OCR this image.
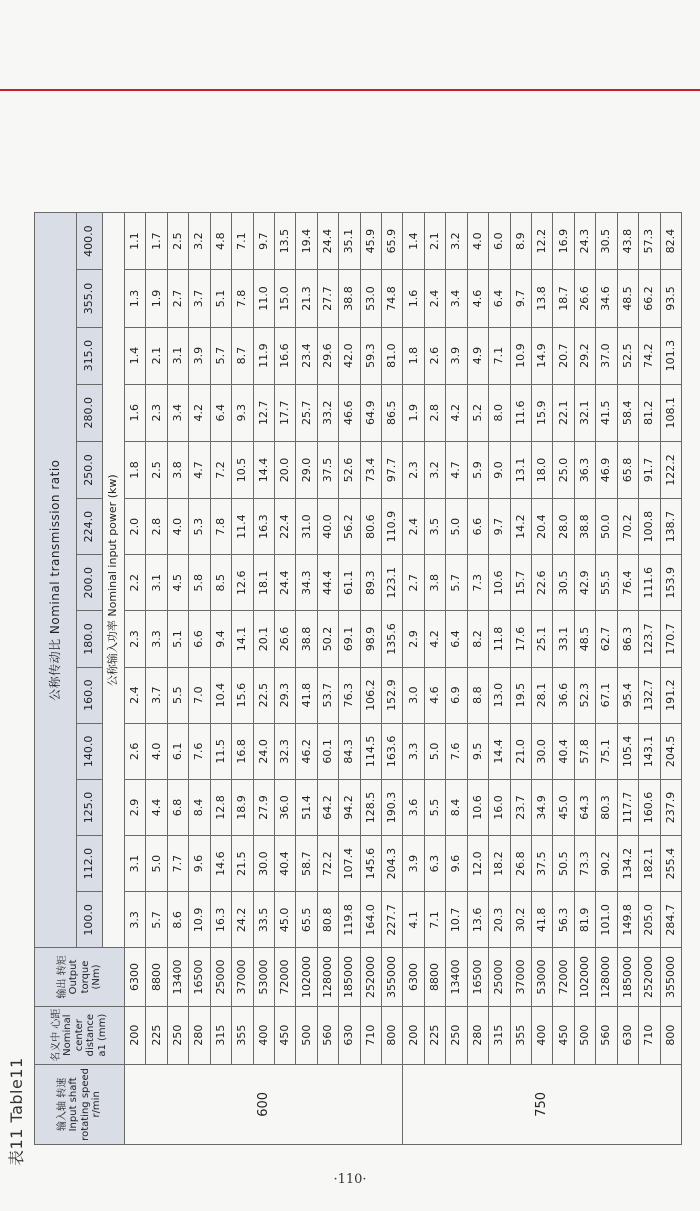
表11 Table11	输入轴 转速 Input shaft rotating speed r/min	名义中 心距 Nominal center distance a1 (mm)	输出 转矩 Output torque (Nm)	公称传动比 Nominal transmission ratio												
			100.0	112.0	125.0	140.0	160.0	180.0	200.0	224.0	250.0	280.0	315.0	355.0	400.0
			公称输入功率 Nominal input power (kw)												
600	200	6300	3.3	3.1	2.9	2.6	2.4	2.3	2.2	2.0	1.8	1.6	1.4	1.3	1.1
	225	8800	5.7	5.0	4.4	4.0	3.7	3.3	3.1	2.8	2.5	2.3	2.1	1.9	1.7
	250	13400	8.6	7.7	6.8	6.1	5.5	5.1	4.5	4.0	3.8	3.4	3.1	2.7	2.5
	280	16500	10.9	9.6	8.4	7.6	7.0	6.6	5.8	5.3	4.7	4.2	3.9	3.7	3.2
	315	25000	16.3	14.6	12.8	11.5	10.4	9.4	8.5	7.8	7.2	6.4	5.7	5.1	4.8
	355	37000	24.2	21.5	18.9	16.8	15.6	14.1	12.6	11.4	10.5	9.3	8.7	7.8	7.1
	400	53000	33.5	30.0	27.9	24.0	22.5	20.1	18.1	16.3	14.4	12.7	11.9	11.0	9.7
	450	72000	45.0	40.4	36.0	32.3	29.3	26.6	24.4	22.4	20.0	17.7	16.6	15.0	13.5
	500	102000	65.5	58.7	51.4	46.2	41.8	38.8	34.3	31.0	29.0	25.7	23.4	21.3	19.4
	560	128000	80.8	72.2	64.2	60.1	53.7	50.2	44.4	40.0	37.5	33.2	29.6	27.7	24.4
	630	185000	119.8	107.4	94.2	84.3	76.3	69.1	61.1	56.2	52.6	46.6	42.0	38.8	35.1
	710	252000	164.0	145.6	128.5	114.5	106.2	98.9	89.3	80.6	73.4	64.9	59.3	53.0	45.9
	800	355000	227.7	204.3	190.3	163.6	152.9	135.6	123.1	110.9	97.7	86.5	81.0	74.8	65.9
750	200	6300	4.1	3.9	3.6	3.3	3.0	2.9	2.7	2.4	2.3	1.9	1.8	1.6	1.4
	225	8800	7.1	6.3	5.5	5.0	4.6	4.2	3.8	3.5	3.2	2.8	2.6	2.4	2.1
	250	13400	10.7	9.6	8.4	7.6	6.9	6.4	5.7	5.0	4.7	4.2	3.9	3.4	3.2
	280	16500	13.6	12.0	10.6	9.5	8.8	8.2	7.3	6.6	5.9	5.2	4.9	4.6	4.0
	315	25000	20.3	18.2	16.0	14.4	13.0	11.8	10.6	9.7	9.0	8.0	7.1	6.4	6.0
	355	37000	30.2	26.8	23.7	21.0	19.5	17.6	15.7	14.2	13.1	11.6	10.9	9.7	8.9
	400	53000	41.8	37.5	34.9	30.0	28.1	25.1	22.6	20.4	18.0	15.9	14.9	13.8	12.2
	450	72000	56.3	50.5	45.0	40.4	36.6	33.1	30.5	28.0	25.0	22.1	20.7	18.7	16.9
	500	102000	81.9	73.3	64.3	57.8	52.3	48.5	42.9	38.8	36.3	32.1	29.2	26.6	24.3
	560	128000	101.0	90.2	80.3	75.1	67.1	62.7	55.5	50.0	46.9	41.5	37.0	34.6	30.5
	630	185000	149.8	134.2	117.7	105.4	95.4	86.3	76.4	70.2	65.8	58.4	52.5	48.5	43.8
	710	252000	205.0	182.1	160.6	143.1	132.7	123.7	111.6	100.8	91.7	81.2	74.2	66.2	57.3
	800	355000	284.7	255.4	237.9	204.5	191.2	170.7	153.9	138.7	122.2	108.1	101.3	93.5	82.4
·110·
